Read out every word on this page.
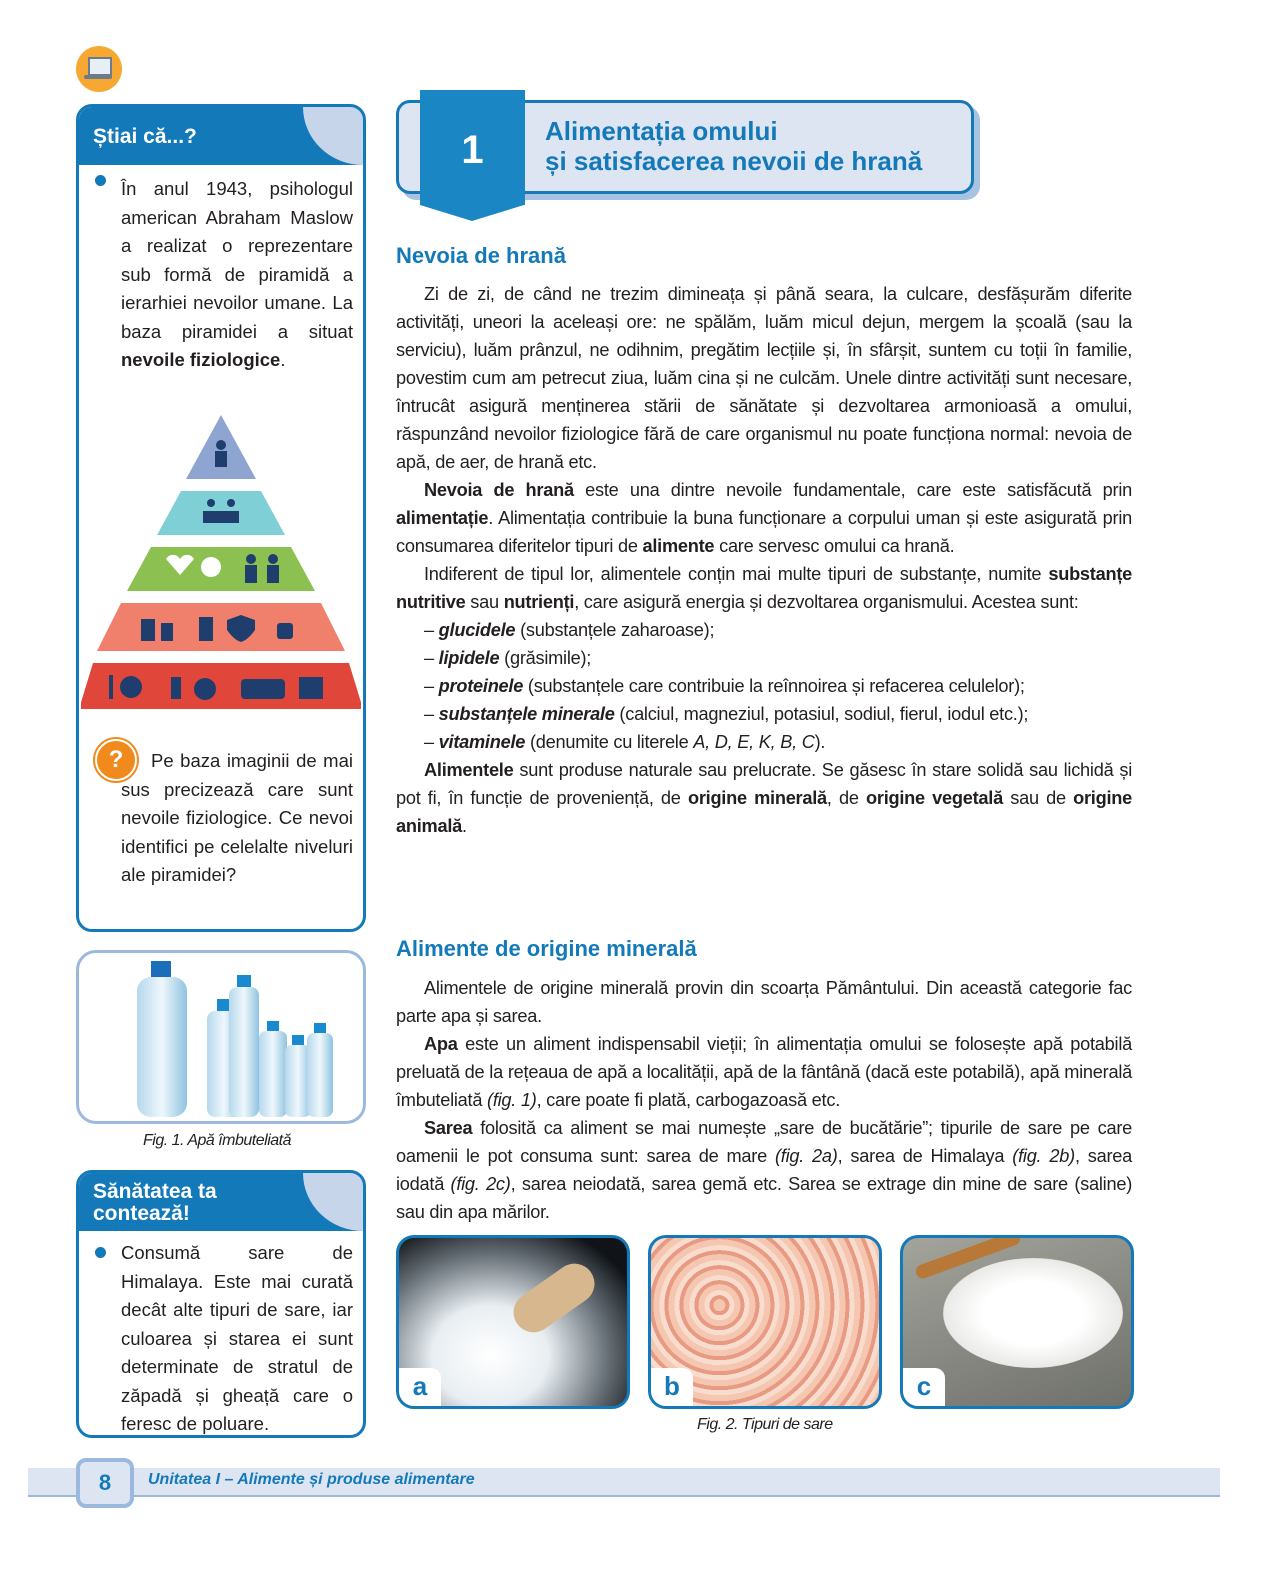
Știai că...?
În anul 1943, psihologul american Abraham Maslow a realizat o reprezentare sub formă de piramidă a ierarhiei nevoilor umane. La baza piramidei a situat nevoile fiziologice.
?	Pe baza imaginii de mai sus precizează care sunt nevoile fiziologice. Ce nevoi identifici pe celelalte niveluri ale piramidei?
Fig. 1. Apă îmbuteliată
Sănătatea ta
contează!
Consumă sare de Himalaya. Este mai curată decât alte tipuri de sare, iar culoarea și starea ei sunt determinate de stratul de zăpadă și gheață care o feresc de poluare.
1	Alimentația omului
și satisfacerea nevoii de hrană
Nevoia de hrană

Zi de zi, de când ne trezim dimineața și până seara, la culcare, desfășurăm diferite activități, uneori la aceleași ore: ne spălăm, luăm micul dejun, mergem la școală (sau la serviciu), luăm prânzul, ne odihnim, pregătim lecțiile și, în sfârșit, suntem cu toții în familie, povestim cum am petrecut ziua, luăm cina și ne culcăm. Unele dintre activități sunt necesare, întrucât asigură menținerea stării de sănătate și dezvoltarea armonioasă a omului, răspunzând nevoilor fiziologice fără de care organismul nu poate funcționa normal: nevoia de apă, de aer, de hrană etc.

Nevoia de hrană este una dintre nevoile fundamentale, care este satisfăcută prin alimentație. Alimentația contribuie la buna funcționare a corpului uman și este asigurată prin consumarea diferitelor tipuri de alimente care servesc omului ca hrană.

Indiferent de tipul lor, alimentele conțin mai multe tipuri de substanțe, numite substanțe nutritive sau nutrienți, care asigură energia și dezvoltarea organismului. Acestea sunt:

– glucidele (substanțele zaharoase);

– lipidele (grăsimile);

– proteinele (substanțele care contribuie la reînnoirea și refacerea celulelor);

– substanțele minerale (calciul, magneziul, potasiul, sodiul, fierul, iodul etc.);

– vitaminele (denumite cu literele A, D, E, K, B, C).

Alimentele sunt produse naturale sau prelucrate. Se găsesc în stare solidă sau lichidă și pot fi, în funcție de proveniență, de origine minerală, de origine vegetală sau de origine animală.

Alimente de origine minerală

Alimentele de origine minerală provin din scoarța Pământului. Din această categorie fac parte apa și sarea.

Apa este un aliment indispensabil vieții; în alimentația omului se folosește apă potabilă preluată de la rețeaua de apă a localității, apă de la fântână (dacă este potabilă), apă minerală îmbuteliată (fig. 1), care poate fi plată, carbogazoasă etc.

Sarea folosită ca aliment se mai numește „sare de bucătărie”; tipurile de sare pe care oamenii le pot consuma sunt: sarea de mare (fig. 2a), sarea de Himalaya (fig. 2b), sarea iodată (fig. 2c), sarea neiodată, sarea gemă etc. Sarea se extrage din mine de sare (saline) sau din apa mărilor.

a	b	c
Fig. 2. Tipuri de sare
8	Unitatea I – Alimente și produse alimentare
